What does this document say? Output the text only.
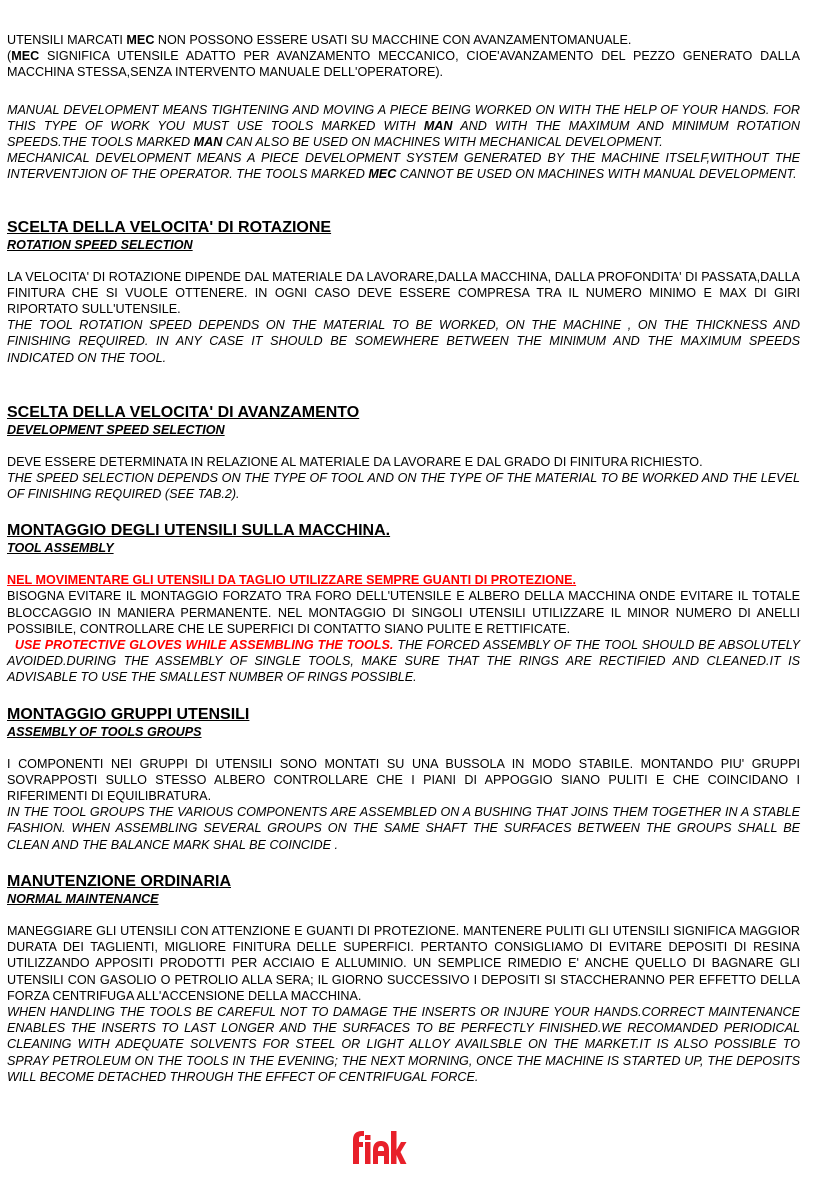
UTENSILI MARCATI MEC NON POSSONO ESSERE USATI SU MACCHINE CON AVANZAMENTOMANUALE.
(MEC SIGNIFICA UTENSILE ADATTO PER AVANZAMENTO MECCANICO, CIOE'AVANZAMENTO DEL PEZZO GENERATO DALLA MACCHINA STESSA,SENZA INTERVENTO MANUALE DELL'OPERATORE).

MANUAL DEVELOPMENT MEANS TIGHTENING AND MOVING A PIECE BEING WORKED ON WITH THE HELP OF YOUR HANDS. FOR THIS TYPE OF WORK YOU MUST USE TOOLS MARKED WITH MAN AND WITH THE MAXIMUM AND MINIMUM ROTATION SPEEDS.THE TOOLS MARKED MAN CAN ALSO BE USED ON MACHINES WITH MECHANICAL DEVELOPMENT.
MECHANICAL DEVELOPMENT MEANS A PIECE DEVELOPMENT SYSTEM GENERATED BY THE MACHINE ITSELF,WITHOUT THE INTERVENTJION OF THE OPERATOR. THE TOOLS MARKED MEC CANNOT BE USED ON MACHINES WITH MANUAL DEVELOPMENT.

SCELTA DELLA VELOCITA' DI ROTAZIONE
ROTATION SPEED SELECTION

LA VELOCITA' DI ROTAZIONE DIPENDE DAL MATERIALE DA LAVORARE,DALLA MACCHINA, DALLA PROFONDITA' DI PASSATA,DALLA FINITURA CHE SI VUOLE OTTENERE. IN OGNI CASO DEVE ESSERE COMPRESA TRA IL NUMERO MINIMO E MAX DI GIRI RIPORTATO SULL'UTENSILE.

THE TOOL ROTATION SPEED DEPENDS ON THE MATERIAL TO BE WORKED, ON THE MACHINE , ON THE THICKNESS AND FINISHING REQUIRED. IN ANY CASE IT SHOULD BE SOMEWHERE BETWEEN THE MINIMUM AND THE MAXIMUM SPEEDS INDICATED ON THE TOOL.

SCELTA DELLA VELOCITA' DI AVANZAMENTO
DEVELOPMENT SPEED SELECTION

DEVE ESSERE DETERMINATA IN RELAZIONE AL MATERIALE DA LAVORARE E DAL GRADO DI FINITURA RICHIESTO.

THE SPEED SELECTION DEPENDS ON THE TYPE OF TOOL AND ON THE TYPE OF THE MATERIAL TO BE WORKED AND THE LEVEL OF FINISHING REQUIRED (SEE TAB.2).

MONTAGGIO DEGLI UTENSILI SULLA MACCHINA.
TOOL ASSEMBLY
NEL MOVIMENTARE GLI UTENSILI DA TAGLIO UTILIZZARE SEMPRE GUANTI DI PROTEZIONE.

BISOGNA EVITARE IL MONTAGGIO FORZATO TRA FORO DELL'UTENSILE E ALBERO DELLA MACCHINA ONDE EVITARE IL TOTALE BLOCCAGGIO IN MANIERA PERMANENTE. NEL MONTAGGIO DI SINGOLI UTENSILI UTILIZZARE IL MINOR NUMERO DI ANELLI POSSIBILE, CONTROLLARE CHE LE SUPERFICI DI CONTATTO SIANO PULITE E RETTIFICATE.

USE PROTECTIVE GLOVES WHILE ASSEMBLING THE TOOLS. THE FORCED ASSEMBLY OF THE TOOL SHOULD BE ABSOLUTELY AVOIDED.DURING THE ASSEMBLY OF SINGLE TOOLS, MAKE SURE THAT THE RINGS ARE RECTIFIED AND CLEANED.IT IS ADVISABLE TO USE THE SMALLEST NUMBER OF RINGS POSSIBLE.

MONTAGGIO GRUPPI UTENSILI
ASSEMBLY OF TOOLS GROUPS

I COMPONENTI NEI GRUPPI DI UTENSILI SONO MONTATI SU UNA BUSSOLA IN MODO STABILE. MONTANDO PIU' GRUPPI SOVRAPPOSTI SULLO STESSO ALBERO CONTROLLARE CHE I PIANI DI APPOGGIO SIANO PULITI E CHE COINCIDANO I RIFERIMENTI DI EQUILIBRATURA.

IN THE TOOL GROUPS THE VARIOUS COMPONENTS ARE ASSEMBLED ON A BUSHING THAT JOINS THEM TOGETHER IN A STABLE FASHION. WHEN ASSEMBLING SEVERAL GROUPS ON THE SAME SHAFT THE SURFACES BETWEEN THE GROUPS SHALL BE CLEAN AND THE BALANCE MARK SHAL BE COINCIDE .

MANUTENZIONE ORDINARIA
NORMAL MAINTENANCE

MANEGGIARE GLI UTENSILI CON ATTENZIONE E GUANTI DI PROTEZIONE. MANTENERE PULITI GLI UTENSILI SIGNIFICA MAGGIOR DURATA DEI TAGLIENTI, MIGLIORE FINITURA DELLE SUPERFICI. PERTANTO CONSIGLIAMO DI EVITARE DEPOSITI DI RESINA UTILIZZANDO APPOSITI PRODOTTI PER ACCIAIO E ALLUMINIO. UN SEMPLICE RIMEDIO E' ANCHE QUELLO DI BAGNARE GLI UTENSILI CON GASOLIO O PETROLIO ALLA SERA; IL GIORNO SUCCESSIVO I DEPOSITI SI STACCHERANNO PER EFFETTO DELLA FORZA CENTRIFUGA ALL'ACCENSIONE DELLA MACCHINA.

WHEN HANDLING THE TOOLS BE CAREFUL NOT TO DAMAGE THE INSERTS OR INJURE YOUR HANDS.CORRECT MAINTENANCE ENABLES THE INSERTS TO LAST LONGER AND THE SURFACES TO BE PERFECTLY FINISHED.WE RECOMANDED PERIODICAL CLEANING WITH ADEQUATE SOLVENTS FOR STEEL OR LIGHT ALLOY AVAILSBLE ON THE MARKET.IT IS ALSO POSSIBLE TO SPRAY PETROLEUM ON THE TOOLS IN THE EVENING; THE NEXT MORNING, ONCE THE MACHINE IS STARTED UP, THE DEPOSITS WILL BECOME DETACHED THROUGH THE EFFECT OF CENTRIFUGAL FORCE.
